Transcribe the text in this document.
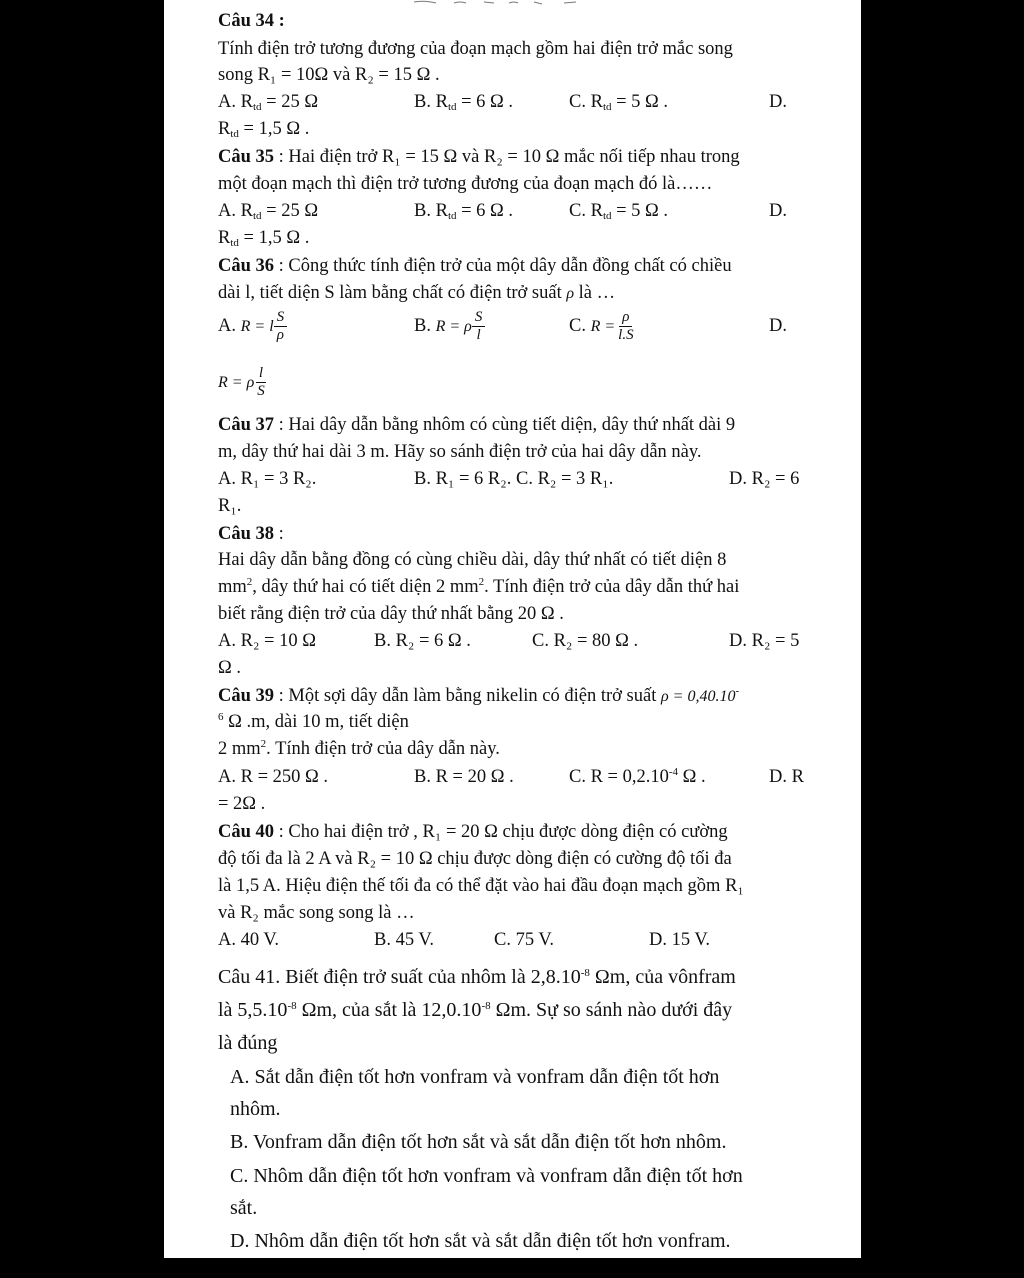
Câu 34 :
Tính điện trở tương đương của đoạn mạch gồm hai điện trở mắc song
song R₁ = 10Ω và R₂ = 15 Ω .
A. $R_{td} = 25$ Ω	B. $R_{td} = 6$ Ω .	C. $R_{td} = 5$ Ω .	D.
$R_{td} = 1,5$ Ω .
Câu 35 : Hai điện trở R₁ = 15 Ω và R₂ = 10 Ω mắc nối tiếp nhau trong
một đoạn mạch thì điện trở tương đương của đoạn mạch đó là……
A. $R_{td} = 25$ Ω	B. $R_{td} = 6$ Ω .	C. $R_{td} = 5$ Ω .	D.
$R_{td} = 1,5$ Ω .
Câu 36 : Công thức tính điện trở của một dây dẫn đồng chất có chiều
dài l, tiết diện S làm bằng chất có điện trở suất ρ là …
A. R = l $\frac{S}{\rho}$	B. R = ρ $\frac{S}{l}$	C. $R = \frac{\rho}{l.S}$	D.
R = ρ $\frac{l}{S}$
Câu 37 : Hai dây dẫn bằng nhôm có cùng tiết diện, dây thứ nhất dài 9
m, dây thứ hai dài 3 m. Hãy so sánh điện trở của hai dây dẫn này.
A. R₁ = 3 R₂.	B. R₁ = 6 R₂. C. R₂ = 3 R₁.	D. R₂ = 6
R₁.
Câu 38 :
Hai dây dẫn bằng đồng có cùng chiều dài, dây thứ nhất có tiết diện 8
$mm^2$, dây thứ hai có tiết diện 2 $mm^2$. Tính điện trở của dây dẫn thứ hai
biết rằng điện trở của dây thứ nhất bằng 20 Ω .
A. R₂ = 10 Ω	B. R₂ = 6 Ω .	C. R₂ = 80 Ω .	D. R₂ = 5
Ω .
Câu 39 : Một sợi dây dẫn làm bằng nikelin có điện trở suất ρ = 0,40.10-
$^6$ Ω .m, dài 10 m, tiết diện
2 $mm^2$. Tính điện trở của dây dẫn này.
A. R = 250 Ω .	B. R = 20 Ω .	C. $R = 0,2.10^{-4}$ Ω .	D. R
= 2Ω .
Câu 40 : Cho hai điện trở , R₁ = 20 Ω chịu được dòng điện có cường
độ tối đa là 2 A và R₂ = 10 Ω chịu được dòng điện có cường độ tối đa
là 1,5 A. Hiệu điện thế tối đa có thể đặt vào hai đầu đoạn mạch gồm R₁
và R₂ mắc song song là …
A. 40 V.	B. 45 V.	C. 75 V.	D. 15 V.
Câu 41. Biết điện trở suất của nhôm là $2,8.10^{-8}$ Ωm, của vônfram
là $5,5.10^{-8}$ Ωm, của sắt là $12,0.10^{-8}$ Ωm. Sự so sánh nào dưới đây
là đúng
A. Sắt dẫn điện tốt hơn vonfram và vonfram dẫn điện tốt hơn
nhôm.
B. Vonfram dẫn điện tốt hơn sắt và sắt dẫn điện tốt hơn nhôm.
C. Nhôm dẫn điện tốt hơn vonfram và vonfram dẫn điện tốt hơn
sắt.
D. Nhôm dẫn điện tốt hơn sắt và sắt dẫn điện tốt hơn vonfram.
